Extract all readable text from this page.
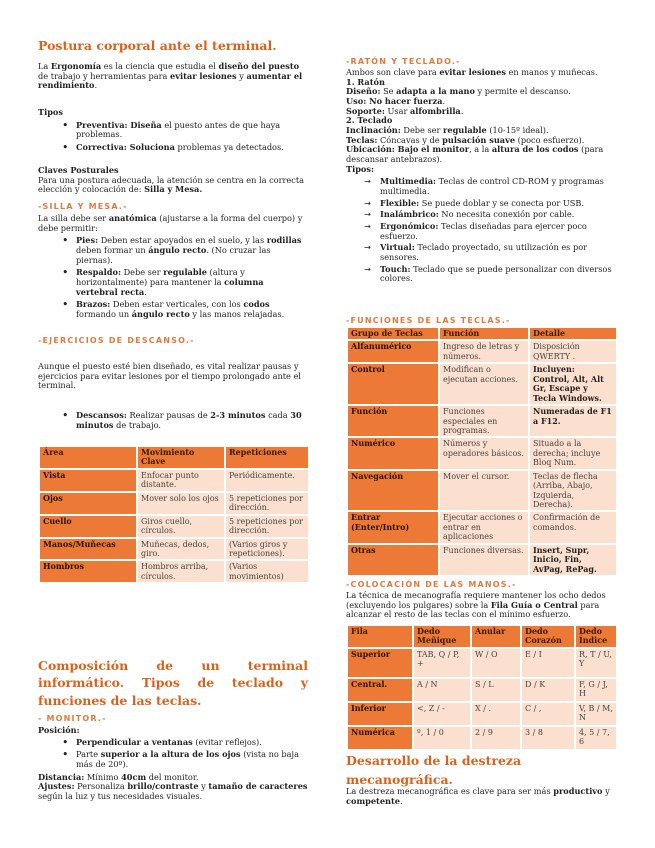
Postura corporal ante el terminal.

La Ergonomía es la ciencia que estudia el diseño del puesto de trabajo y herramientas para evitar lesiones y aumentar el rendimiento.

Tipos

• Preventiva: Diseña el puesto antes de que haya problemas.
• Correctiva: Soluciona problemas ya detectados.

Claves Posturales

Para una postura adecuada, la atención se centra en la correcta elección y colocación de: Silla y Mesa.

-SILLA Y MESA.-

La silla debe ser anatómica (ajustarse a la forma del cuerpo) y debe permitir:

• Pies: Deben estar apoyados en el suelo, y las rodillas deben formar un ángulo recto. (No cruzar las piernas).
• Respaldo: Debe ser regulable (altura y horizontalmente) para mantener la columna vertebral recta.
• Brazos: Deben estar verticales, con los codos formando un ángulo recto y las manos relajadas.
-EJERCICIOS DE DESCANSO.-
Aunque el puesto esté bien diseñado, es vital realizar pausas y ejercicios para evitar lesiones por el tiempo prolongado ante el terminal.
• Descansos: Realizar pausas de 2-3 minutos cada 30 minutos de trabajo.
Área	Movimiento Clave	Repeticiones
Vista	Enfocar punto distante.	Periódicamente.
Ojos	Mover solo los ojos	5 repeticiones por dirección.
Cuello	Giros cuello, círculos.	5 repeticiones por dirección.
Manos/Muñecas	Muñecas, dedos, giro.	(Varios giros y repeticiones).
Hombros	Hombros arriba, círculos.	(Varios movimientos)
Composición de un terminal informático. Tipos de teclado y funciones de las teclas.
- MONITOR.-

Posición:

• Perpendicular a ventanas (evitar reflejos).
• Parte superior a la altura de los ojos (vista no baja más de 20º).

Distancia: Mínimo 40cm del monitor.

Ajustes: Personaliza brillo/contraste y tamaño de caracteres según la luz y tus necesidades visuales.

-RATÓN Y TECLADO.-

Ambos son clave para evitar lesiones en manos y muñecas.

1. Ratón

Diseño: Se adapta a la mano y permite el descanso.

Uso: No hacer fuerza.

Soporte: Usar alfombrilla.

2. Teclado

Inclinación: Debe ser regulable (10-15º ideal).

Teclas: Cóncavas y de pulsación suave (poco esfuerzo).

Ubicación: Bajo el monitor, a la altura de los codos (para descansar antebrazos).

Tipos:

→ Multimedia: Teclas de control CD-ROM y programas multimedia.
→ Flexible: Se puede doblar y se conecta por USB.
→ Inalámbrico: No necesita conexión por cable.
→ Ergonómico: Teclas diseñadas para ejercer poco esfuerzo.
→ Virtual: Teclado proyectado, su utilización es por sensores.
→ Touch: Teclado que se puede personalizar con diversos colores.
-FUNCIONES DE LAS TECLAS.-
Grupo de Teclas	Función	Detalle
Alfanumérico	Ingreso de letras y números.	Disposición QWERTY .
Control	Modifican o ejecutan acciones.	Incluyen: Control, Alt, Alt Gr, Escape y Tecla Windows.
Función	Funciones especiales en programas.	Numeradas de F1 a F12.
Numérico	Números y operadores básicos.	Situado a la derecha; incluye Bloq Num.
Navegación	Mover el cursor.	Teclas de flecha (Arriba, Abajo, Izquierda, Derecha).
Entrar (Enter/Intro)	Ejecutar acciones o entrar en aplicaciones	Confirmación de comandos.
Otras	Funciones diversas.	Insert, Supr, Inicio, Fin, AvPag, RePag.
-COLOCACIÓN DE LAS MANOS.-

La técnica de mecanografía requiere mantener los ocho dedos (excluyendo los pulgares) sobre la Fila Guía o Central para alcanzar el resto de las teclas con el mínimo esfuerzo.

Fila	Dedo Meñique	Anular	Dedo Corazón	Dedo Índice
Superior	TAB, Q / P, +	W / O	E / I	R, T / U, Y
Central.	A / N	S / L	D / K	F, G / J, H
Inferior	<, Z / -	X / .	C / ,	V, B / M, N
Numérica	º, 1 / 0	2 / 9	3 / 8	4, 5 / 7, 6
Desarrollo de la destreza mecanográfica.

La destreza mecanográfica es clave para ser más productivo y competente.
